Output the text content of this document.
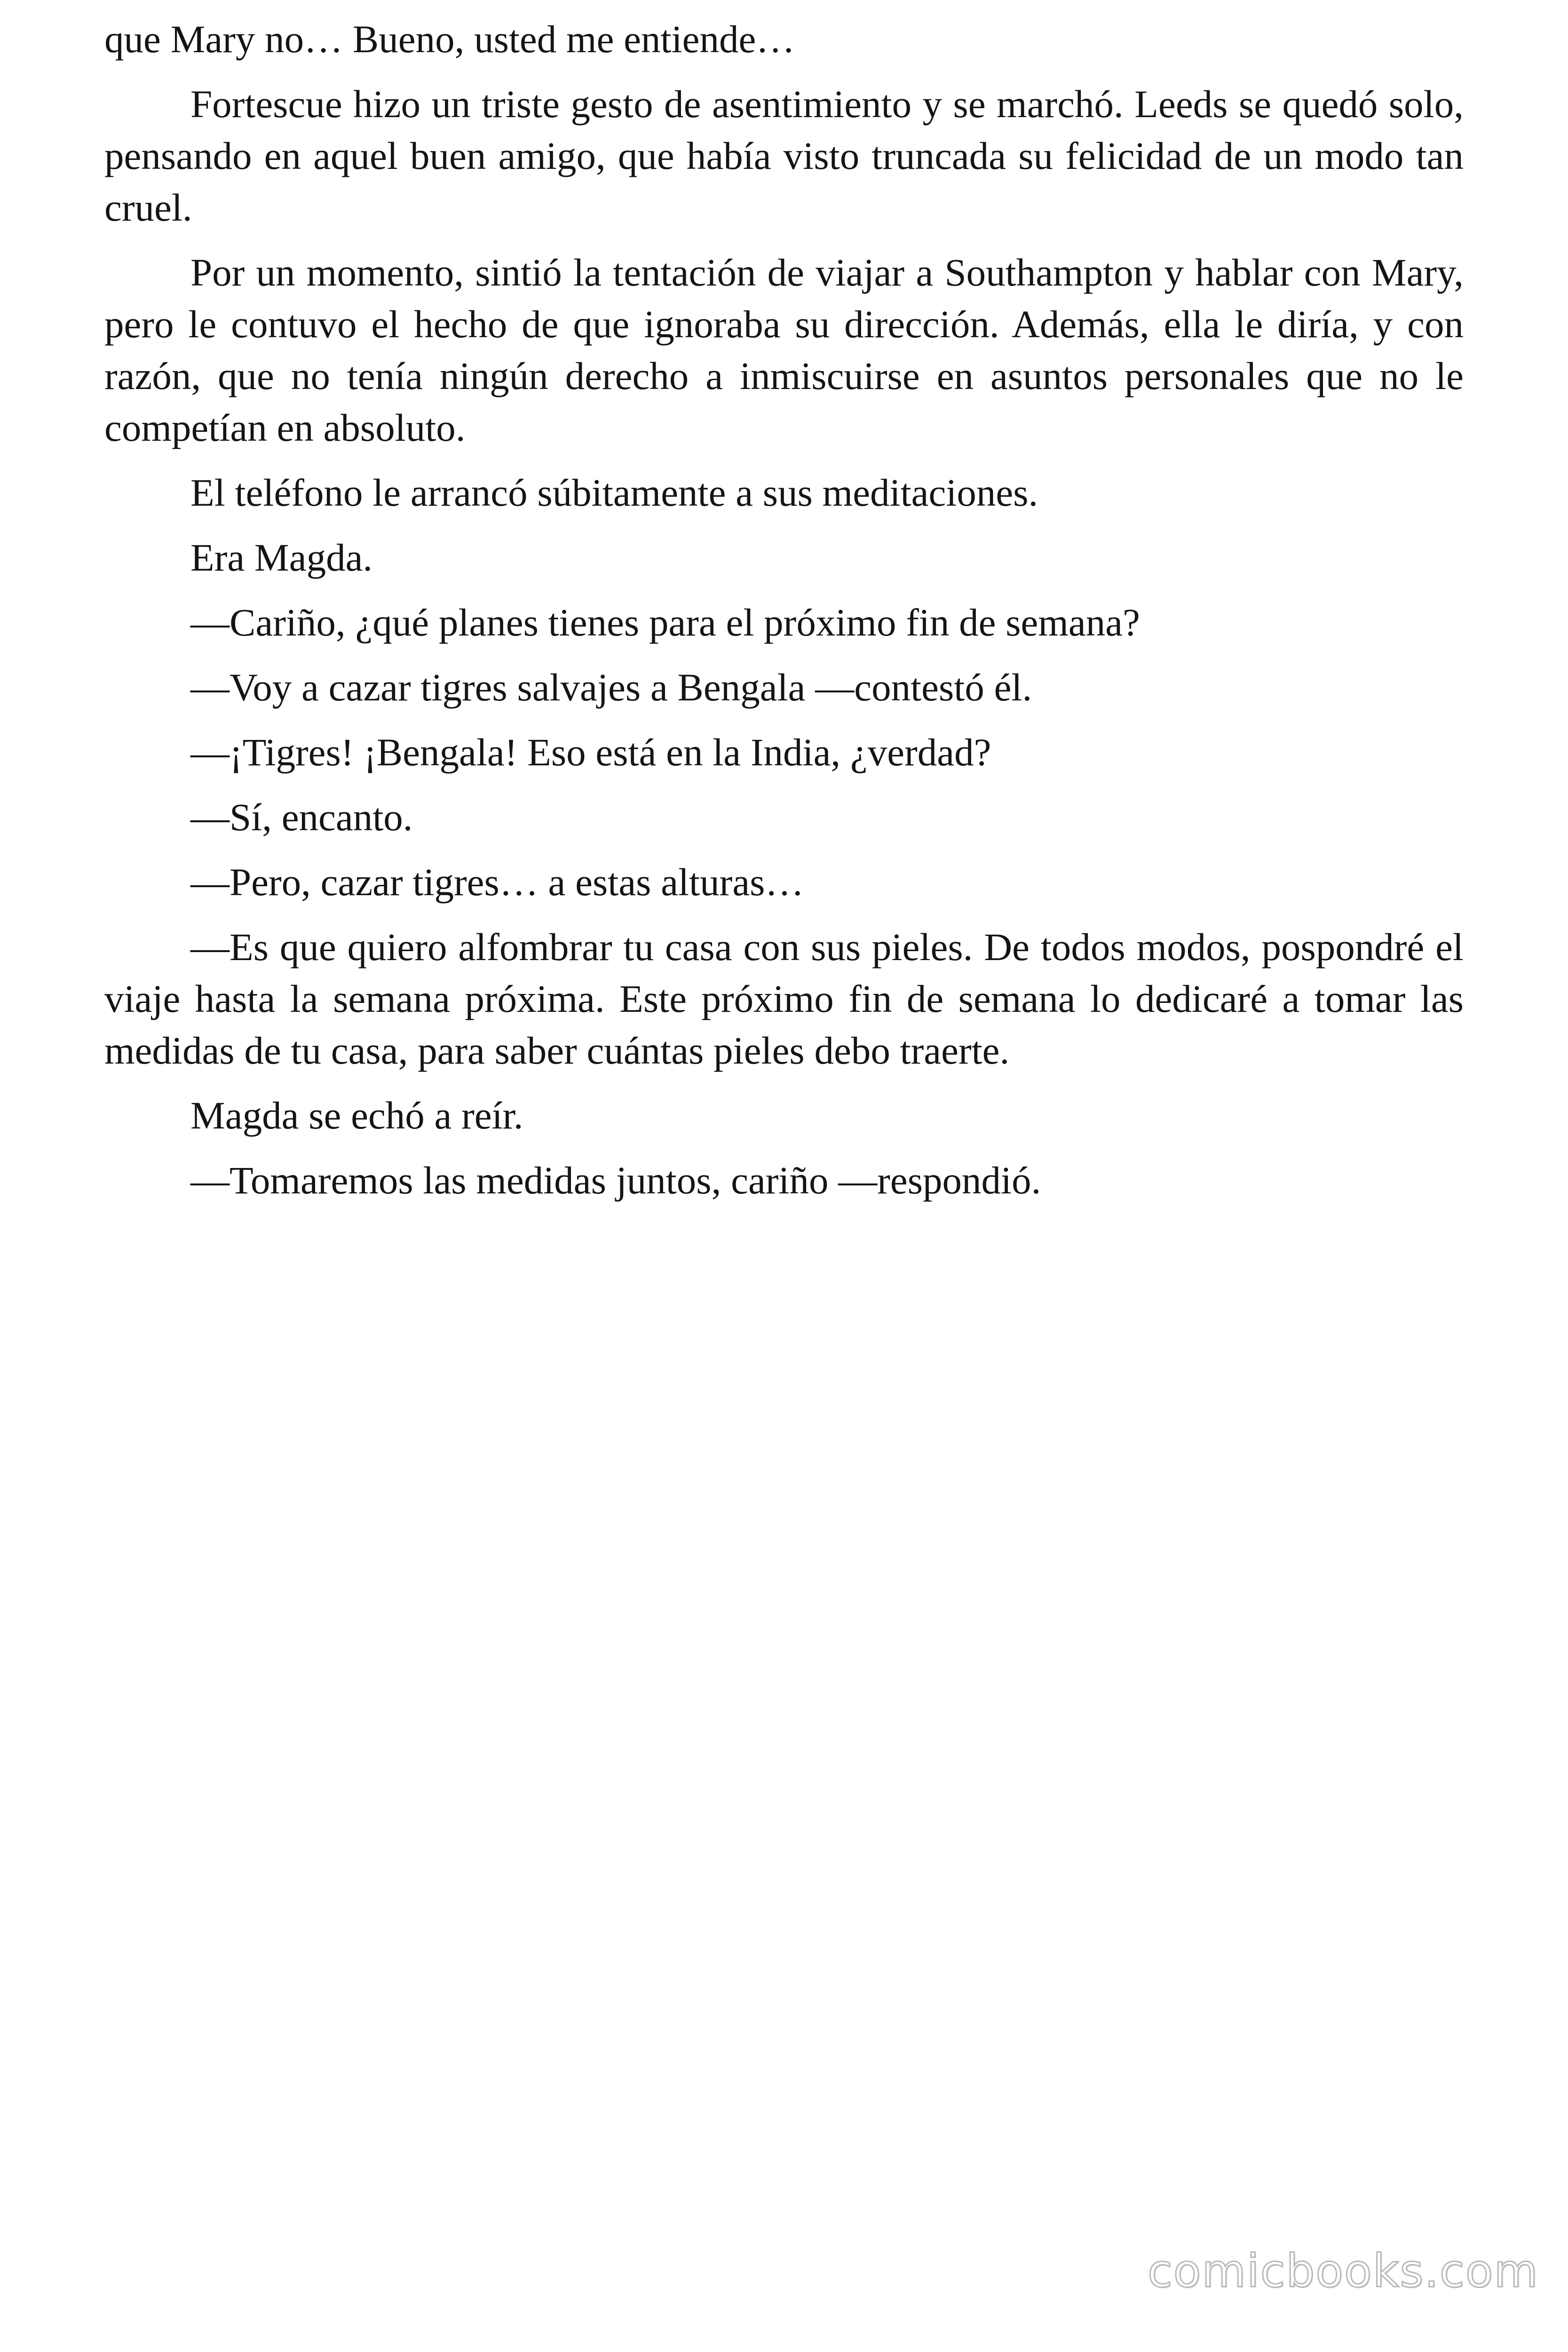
que Mary no… Bueno, usted me entiende…

Fortescue hizo un triste gesto de asentimiento y se marchó. Leeds se quedó solo, pensando en aquel buen amigo, que había visto truncada su felicidad de un modo tan cruel.

Por un momento, sintió la tentación de viajar a Southampton y hablar con Mary, pero le contuvo el hecho de que ignoraba su dirección. Además, ella le diría, y con razón, que no tenía ningún derecho a inmiscuirse en asuntos personales que no le competían en absoluto.

El teléfono le arrancó súbitamente a sus meditaciones.

Era Magda.

—Cariño, ¿qué planes tienes para el próximo fin de semana?

—Voy a cazar tigres salvajes a Bengala —contestó él.

—¡Tigres! ¡Bengala! Eso está en la India, ¿verdad?

—Sí, encanto.

—Pero, cazar tigres… a estas alturas…

—Es que quiero alfombrar tu casa con sus pieles. De todos modos, pospondré el viaje hasta la semana próxima. Este próximo fin de semana lo dedicaré a tomar las medidas de tu casa, para saber cuántas pieles debo traerte.

Magda se echó a reír.

—Tomaremos las medidas juntos, cariño —respondió.

comicbooks.com
